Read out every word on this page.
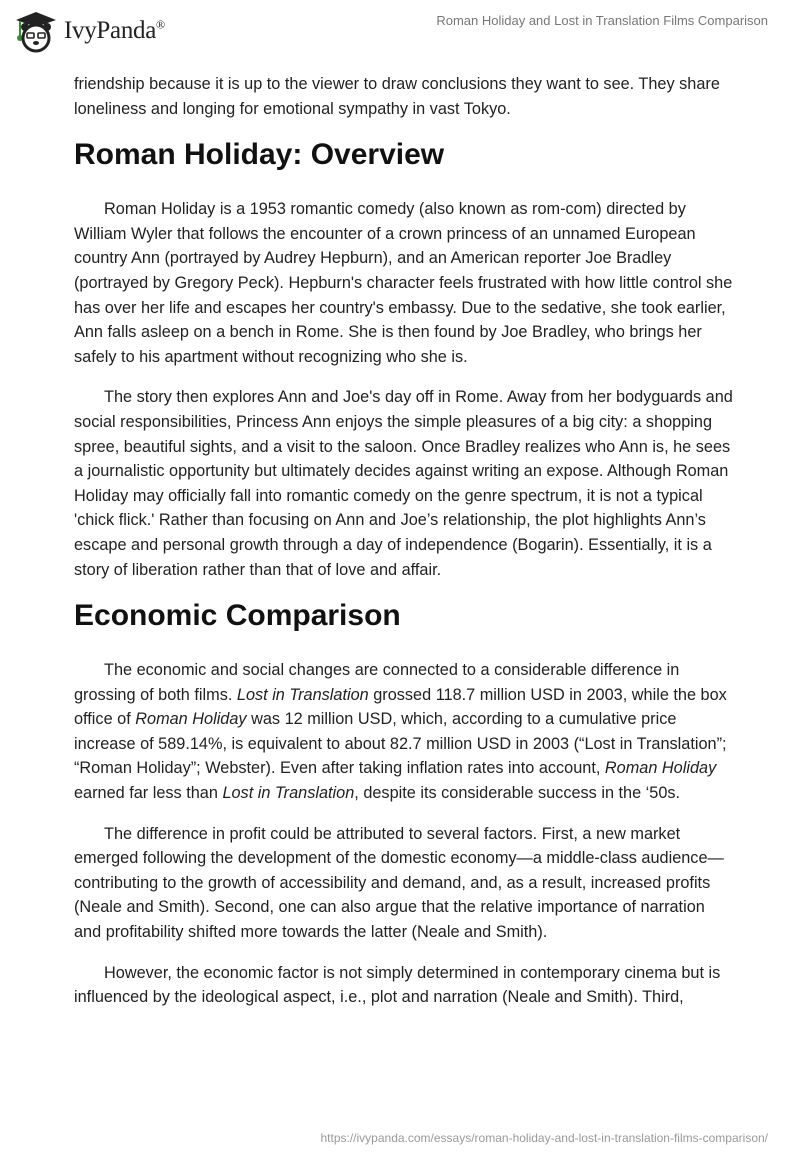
IvyPanda®	Roman Holiday and Lost in Translation Films Comparison

friendship because it is up to the viewer to draw conclusions they want to see. They share loneliness and longing for emotional sympathy in vast Tokyo.

Roman Holiday: Overview

Roman Holiday is a 1953 romantic comedy (also known as rom-com) directed by William Wyler that follows the encounter of a crown princess of an unnamed European country Ann (portrayed by Audrey Hepburn), and an American reporter Joe Bradley (portrayed by Gregory Peck). Hepburn's character feels frustrated with how little control she has over her life and escapes her country's embassy. Due to the sedative, she took earlier, Ann falls asleep on a bench in Rome. She is then found by Joe Bradley, who brings her safely to his apartment without recognizing who she is.

The story then explores Ann and Joe's day off in Rome. Away from her bodyguards and social responsibilities, Princess Ann enjoys the simple pleasures of a big city: a shopping spree, beautiful sights, and a visit to the saloon. Once Bradley realizes who Ann is, he sees a journalistic opportunity but ultimately decides against writing an expose. Although Roman Holiday may officially fall into romantic comedy on the genre spectrum, it is not a typical 'chick flick.' Rather than focusing on Ann and Joe’s relationship, the plot highlights Ann’s escape and personal growth through a day of independence (Bogarin). Essentially, it is a story of liberation rather than that of love and affair.

Economic Comparison

The economic and social changes are connected to a considerable difference in grossing of both films. Lost in Translation grossed 118.7 million USD in 2003, while the box office of Roman Holiday was 12 million USD, which, according to a cumulative price increase of 589.14%, is equivalent to about 82.7 million USD in 2003 (“Lost in Translation”; “Roman Holiday”; Webster). Even after taking inflation rates into account, Roman Holiday earned far less than Lost in Translation, despite its considerable success in the ‘50s.

The difference in profit could be attributed to several factors. First, a new market emerged following the development of the domestic economy—a middle-class audience—contributing to the growth of accessibility and demand, and, as a result, increased profits (Neale and Smith). Second, one can also argue that the relative importance of narration and profitability shifted more towards the latter (Neale and Smith).

However, the economic factor is not simply determined in contemporary cinema but is influenced by the ideological aspect, i.e., plot and narration (Neale and Smith). Third,

https://ivypanda.com/essays/roman-holiday-and-lost-in-translation-films-comparison/
